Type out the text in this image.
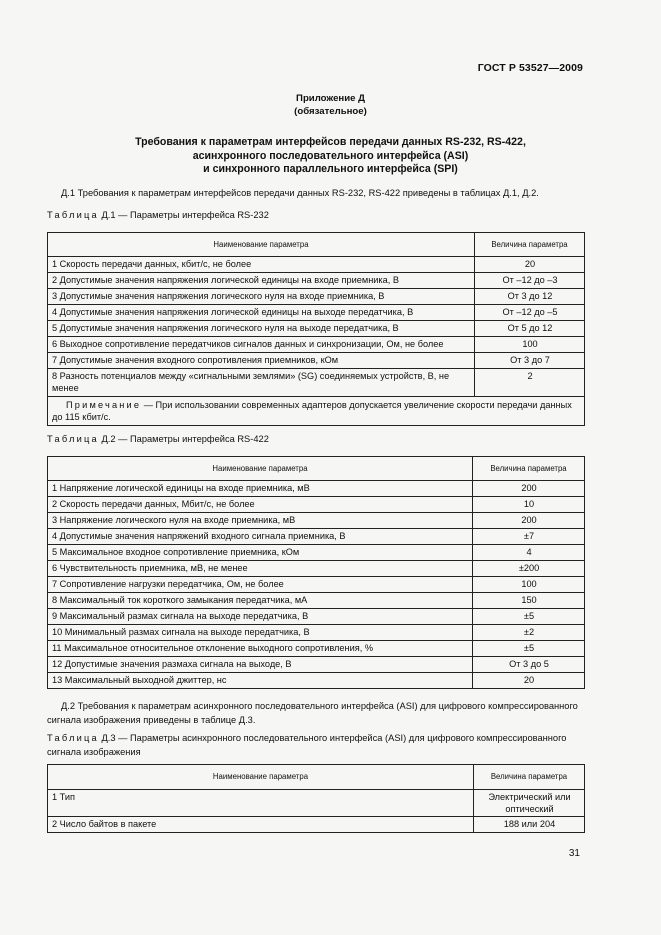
ГОСТ Р 53527—2009
Приложение Д
(обязательное)
Требования к параметрам интерфейсов передачи данных RS-232, RS-422,
асинхронного последовательного интерфейса (ASI)
и синхронного параллельного интерфейса (SPI)

Д.1 Требования к параметрам интерфейсов передачи данных RS-232, RS-422 приведены в таблицах Д.1, Д.2.

Таблица Д.1 — Параметры интерфейса RS-232

Наименование параметра	Величина параметра
1 Скорость передачи данных, кбит/с, не более	20
2 Допустимые значения напряжения логической единицы на входе приемника, В	От –12 до –3
3 Допустимые значения напряжения логического нуля на входе приемника, В	От 3 до 12
4 Допустимые значения напряжения логической единицы на выходе передатчика, В	От –12 до –5
5 Допустимые значения напряжения логического нуля на выходе передатчика, В	От 5 до 12
6 Выходное сопротивление передатчиков сигналов данных и синхронизации, Ом, не более	100
7 Допустимые значения входного сопротивления приемников, кОм	От 3 до 7
8 Разность потенциалов между «сигнальными землями» (SG) соединяемых устройств, В, не менее	2
Примечание — При использовании современных адаптеров допускается увеличение скорости передачи данных до 115 кбит/с.	

Таблица Д.2 — Параметры интерфейса RS-422

Наименование параметра	Величина параметра
1 Напряжение логической единицы на входе приемника, мВ	200
2 Скорость передачи данных, Мбит/с, не более	10
3 Напряжение логического нуля на входе приемника, мВ	200
4 Допустимые значения напряжений входного сигнала приемника, В	±7
5 Максимальное входное сопротивление приемника, кОм	4
6 Чувствительность приемника, мВ, не менее	±200
7 Сопротивление нагрузки передатчика, Ом, не более	100
8 Максимальный ток короткого замыкания передатчика, мА	150
9 Максимальный размах сигнала на выходе передатчика, В	±5
10 Минимальный размах сигнала на выходе передатчика, В	±2
11 Максимальное относительное отклонение выходного сопротивления, %	±5
12 Допустимые значения размаха сигнала на выходе, В	От 3 до 5
13 Максимальный выходной джиттер, нс	20

Д.2 Требования к параметрам асинхронного последовательного интерфейса (ASI) для цифрового компрессированного сигнала изображения приведены в таблице Д.3.

Таблица Д.3 — Параметры асинхронного последовательного интерфейса (ASI) для цифрового компрессированного сигнала изображения

Наименование параметра	Величина параметра
1 Тип	Электрический или оптический
2 Число байтов в пакете	188 или 204
31
